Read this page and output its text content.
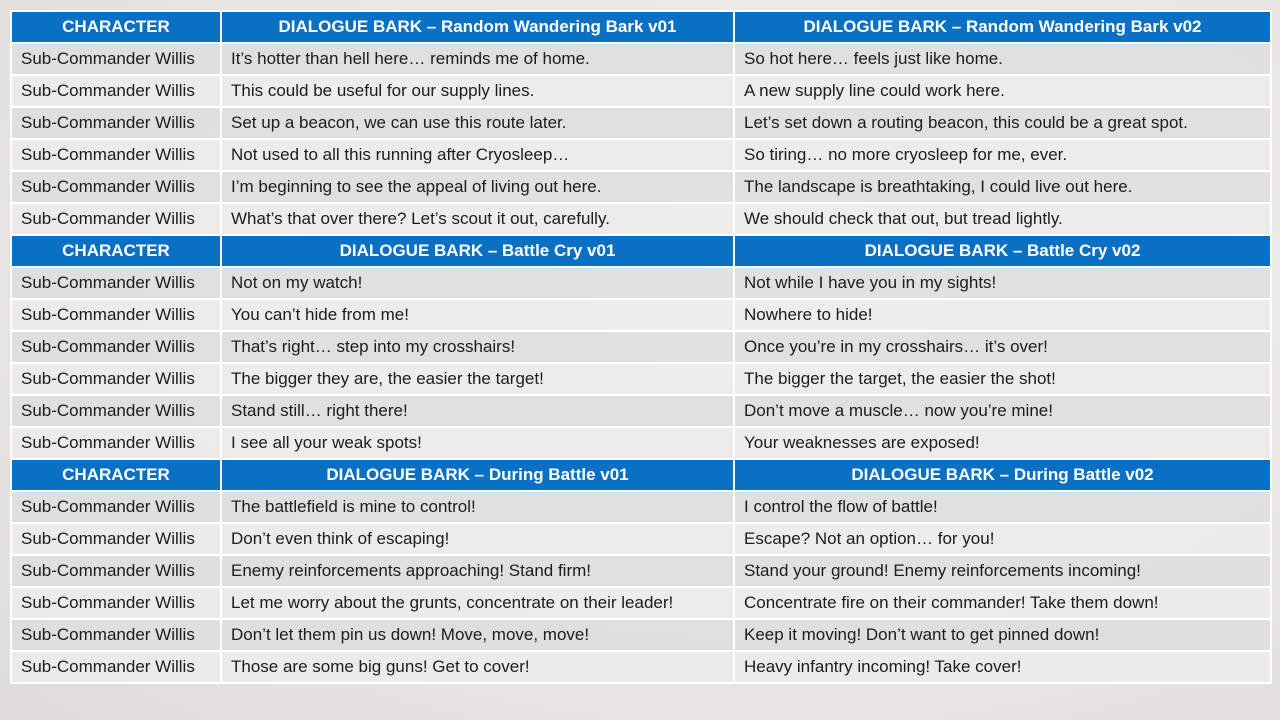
CHARACTER	DIALOGUE BARK – Random Wandering Bark v01	DIALOGUE BARK – Random Wandering Bark v02
Sub-Commander Willis	It’s hotter than hell here… reminds me of home.	So hot here… feels just like home.
Sub-Commander Willis	This could be useful for our supply lines.	A new supply line could work here.
Sub-Commander Willis	Set up a beacon, we can use this route later.	Let’s set down a routing beacon, this could be a great spot.
Sub-Commander Willis	Not used to all this running after Cryosleep…	So tiring… no more cryosleep for me, ever.
Sub-Commander Willis	I’m beginning to see the appeal of living out here.	The landscape is breathtaking, I could live out here.
Sub-Commander Willis	What’s that over there? Let’s scout it out, carefully.	We should check that out, but tread lightly.
CHARACTER	DIALOGUE BARK – Battle Cry v01	DIALOGUE BARK – Battle Cry v02
Sub-Commander Willis	Not on my watch!	Not while I have you in my sights!
Sub-Commander Willis	You can’t hide from me!	Nowhere to hide!
Sub-Commander Willis	That’s right… step into my crosshairs!	Once you’re in my crosshairs… it’s over!
Sub-Commander Willis	The bigger they are, the easier the target!	The bigger the target, the easier the shot!
Sub-Commander Willis	Stand still… right there!	Don’t move a muscle… now you’re mine!
Sub-Commander Willis	I see all your weak spots!	Your weaknesses are exposed!
CHARACTER	DIALOGUE BARK – During Battle v01	DIALOGUE BARK – During Battle v02
Sub-Commander Willis	The battlefield is mine to control!	I control the flow of battle!
Sub-Commander Willis	Don’t even think of escaping!	Escape? Not an option… for you!
Sub-Commander Willis	Enemy reinforcements approaching! Stand firm!	Stand your ground! Enemy reinforcements incoming!
Sub-Commander Willis	Let me worry about the grunts, concentrate on their leader!	Concentrate fire on their commander! Take them down!
Sub-Commander Willis	Don’t let them pin us down! Move, move, move!	Keep it moving! Don’t want to get pinned down!
Sub-Commander Willis	Those are some big guns! Get to cover!	Heavy infantry incoming! Take cover!
